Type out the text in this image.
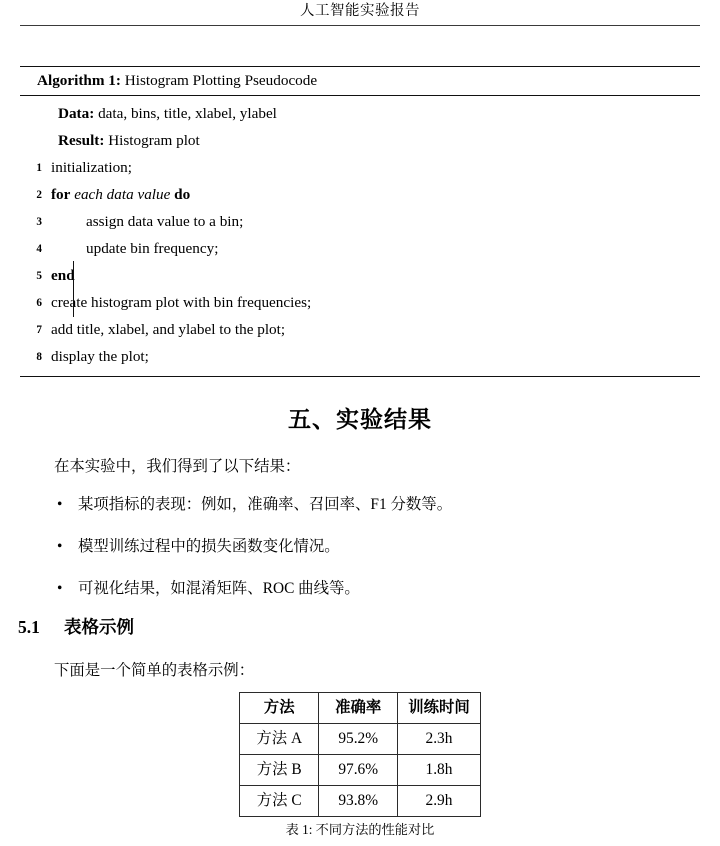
人工智能实验报告
Algorithm 1: Histogram Plotting Pseudocode
Data: data, bins, title, xlabel, ylabel
Result: Histogram plot
1 initialization;
2 for each data value do
3	assign data value to a bin;
4	update bin frequency;
5 end
6 create histogram plot with bin frequencies;
7 add title, xlabel, and ylabel to the plot;
8 display the plot;
五、实验结果
在本实验中，我们得到了以下结果：
• 某项指标的表现：例如，准确率、召回率、F1 分数等。
• 模型训练过程中的损失函数变化情况。
• 可视化结果，如混淆矩阵、ROC 曲线等。
5.1 表格示例
下面是一个简单的表格示例：
方法	准确率	训练时间
方法 A	95.2%	2.3h
方法 B	97.6%	1.8h
方法 C	93.8%	2.9h
表 1: 不同方法的性能对比
